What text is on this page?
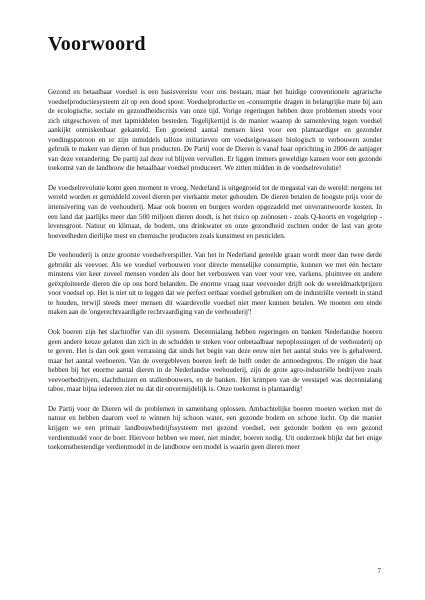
Voorwoord

Gezond en betaalbaar voedsel is een basisvereiste voor ons bestaan, maar het huidige conventionele agrarische voedselproductiesysteem zit op een dood spoor. Voedselproductie en -consumptie dragen in belangrijke mate bij aan de ecologische, sociale en gezondheidscrisis van onze tijd. Vorige regeringen hebben deze problemen steeds voor zich uitgeschoven of met lapmiddelen besteden. Tegelijkertijd is de manier waarop de samenleving tegen voedsel aankijkt onmiskenbaar gekanteld. Een groeiend aantal mensen kiest voor een plantaardiger en gezonder voedingspatroon en er zijn inmiddels talloze initiatieven om voedselgewassen biologisch te verbouwen zonder gebruik te maken van dieren of hun producten. De Partij voor de Dieren is vanaf haar oprichting in 2006 de aanjager van deze verandering. De partij zal deze rol blijven vervullen. Er liggen immers geweldige kansen voor een gezonde toekomst van de landbouw die betaalbaar voedsel produceert. We zitten midden in de voedselrevolutie!

De voedselrevolutie komt geen moment te vroeg. Nederland is uitgegroeid tot de megastal van de wereld: nergens ter wereld worden er gemiddeld zoveel dieren per vierkante meter gehouden. De dieren betalen de hoogste prijs voor de intensivering van de veehouderij. Maar ook boeren en burgers worden opgezadeld met onverantwoorde kosten. In een land dat jaarlijks meer dan 500 miljoen dieren doodt, is het risico op zoönosen - zoals Q-koorts en vogelgriep - levensgroot. Natuur en klimaat, de bodem, ons drinkwater en onze gezondheid zuchten onder de last van grote hoeveelheden dierlijke mest en chemische producten zoals kunstmest en pesticiden.

De veehouderij is onze grootste voedselverspiller. Van het in Nederland geteelde graan wordt meer dan twee derde gebruikt als veevoer. Als we voedsel verbouwen voor directe menselijke consumptie, kunnen we met één hectare minstens vier keer zoveel mensen voeden als door het verbouwen van voer voor vee, varkens, pluimvee en andere geëxploiteerde dieren die op ons bord belanden. De enorme vraag naar veevoeder drijft ook de wereldmarktprijzen voor voedsel op. Het is niet uit te leggen dat we perfect eetbaar voedsel gebruiken om de industriële veeteelt in stand te houden, terwijl steeds meer mensen dit waardevolle voedsel niet meer kunnen betalen. We moeten een einde maken aan de 'ongerechtvaardigde rechtvaardiging van de veehouderij'!

Ook boeren zijn het slachtoffer van dit systeem. Decennialang hebben regeringen en banken Nederlandse boeren geen andere keuze gelaten dan zich in de schulden te steken voor onbetaalbaar nepoplossingen of de veehouderij op te geven. Het is dan ook geen verrassing dat sinds het begin van deze eeuw niet het aantal stuks vee is gehalveerd, maar het aantal veeboeren. Van de overgebleven boeren leeft de helft onder de armoedegrens. De enigen die baat hebben bij het enorme aantal dieren in de Nederlandse veehouderij, zijn de grote agro-industriële bedrijven zoals veevoerbedrijven, slachthuizen en stallenbouwers, en de banken. Het krimpen van de veestapel was decennialang taboe, maar bijna iedereen ziet nu dat dit onvermijdelijk is. Onze toekomst is plantaardig!

De Partij voor de Dieren wil de problemen in samenhang oplossen. Ambachtelijke boeren moeten werken met de natuur en hebben daarom veel te winnen bij schoon water, een gezonde bodem en schone lucht. Op die manier krijgen we een primair landbouwbedrijfssysteem met gezond voedsel, een gezonde bodem en een gezond verdienmodel voor de boer. Hiervoor hebben we meer, niet minder, boeren nodig. Uit onderzoek blijkt dat het enige toekomstbestendige verdienmodel in de landbouw een model is waarin geen dieren meer

7
